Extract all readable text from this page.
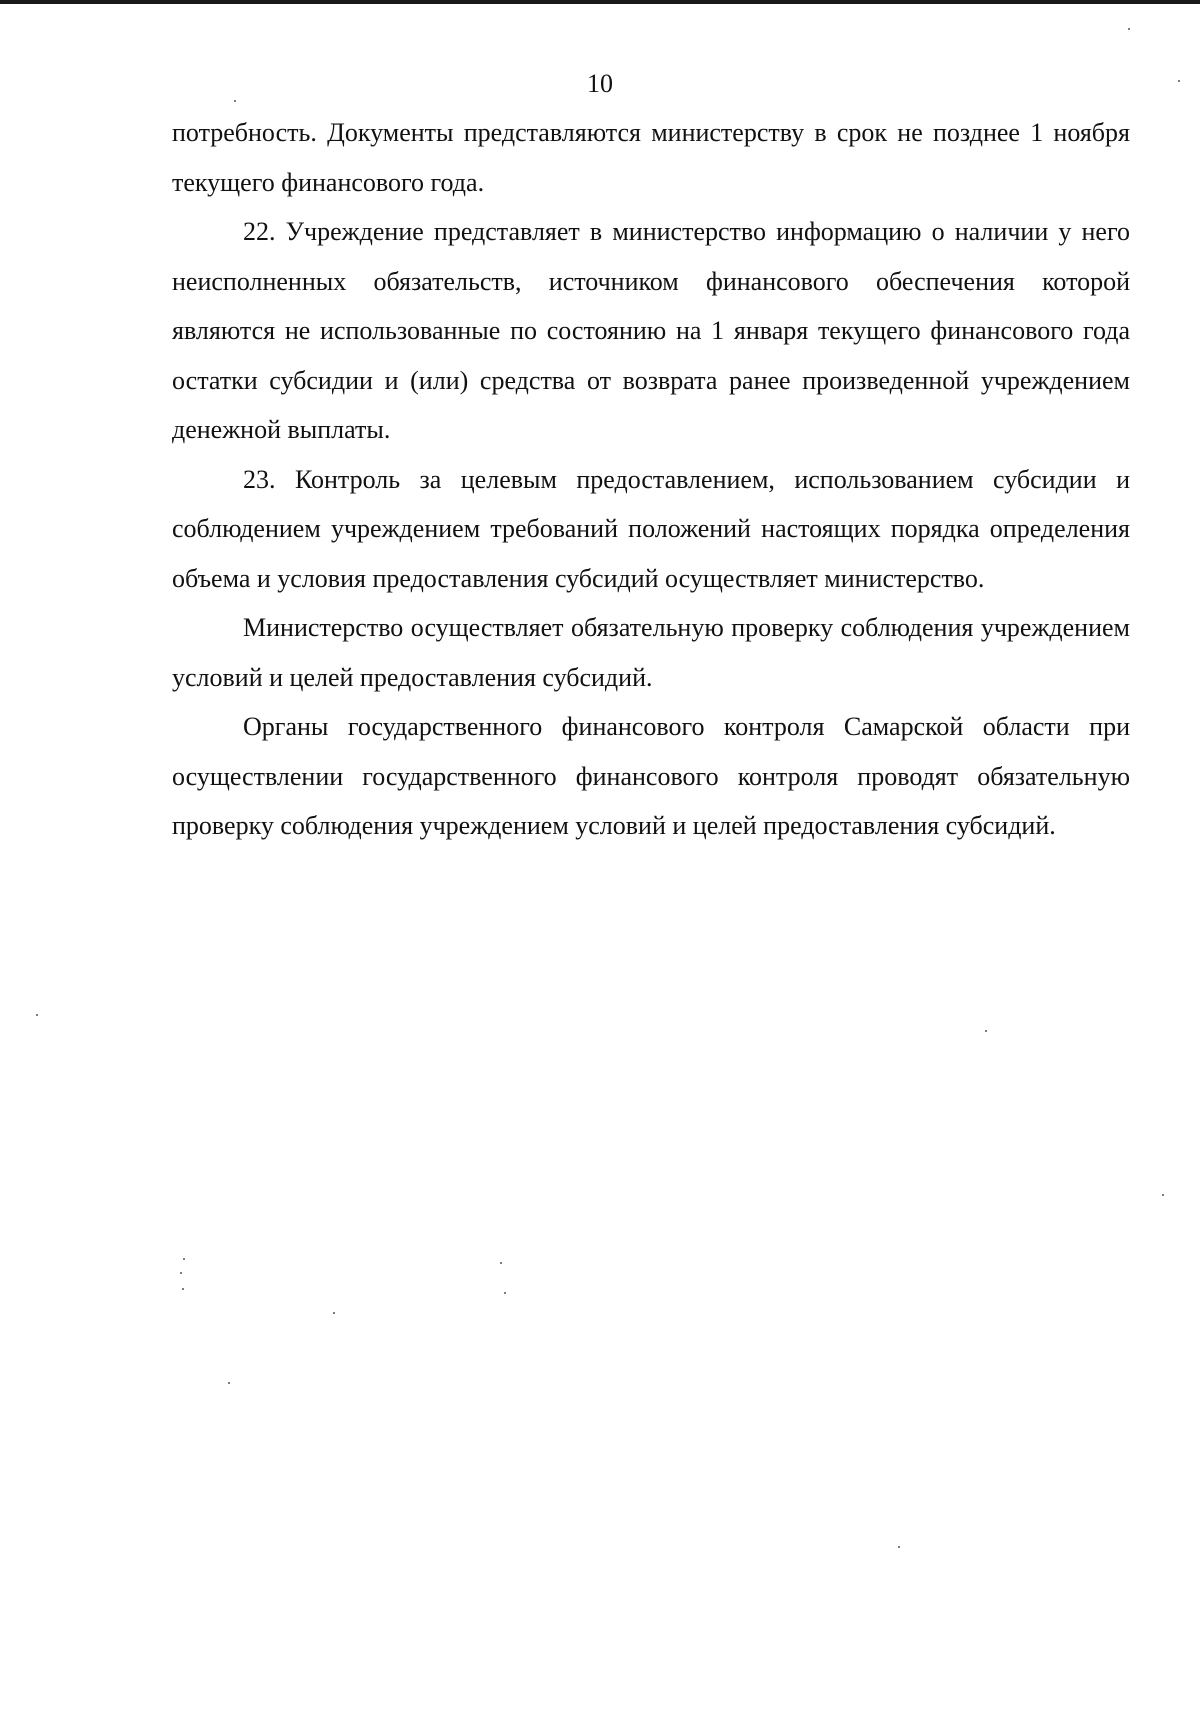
10

потребность. Документы представляются министерству в срок не позднее 1 ноября текущего финансового года.

22. Учреждение представляет в министерство информацию о наличии у него неисполненных обязательств, источником финансового обеспечения которой являются не использованные по состоянию на 1 января текущего финансового года остатки субсидии и (или) средства от возврата ранее произведенной учреждением денежной выплаты.

23. Контроль за целевым предоставлением, использованием субсидии и соблюдением учреждением требований положений настоящих порядка определения объема и условия предоставления субсидий осуществляет министерство.

Министерство осуществляет обязательную проверку соблюдения учреждением условий и целей предоставления субсидий.

Органы государственного финансового контроля Самарской области при осуществлении государственного финансового контроля проводят обязательную проверку соблюдения учреждением условий и целей предоставления субсидий.
